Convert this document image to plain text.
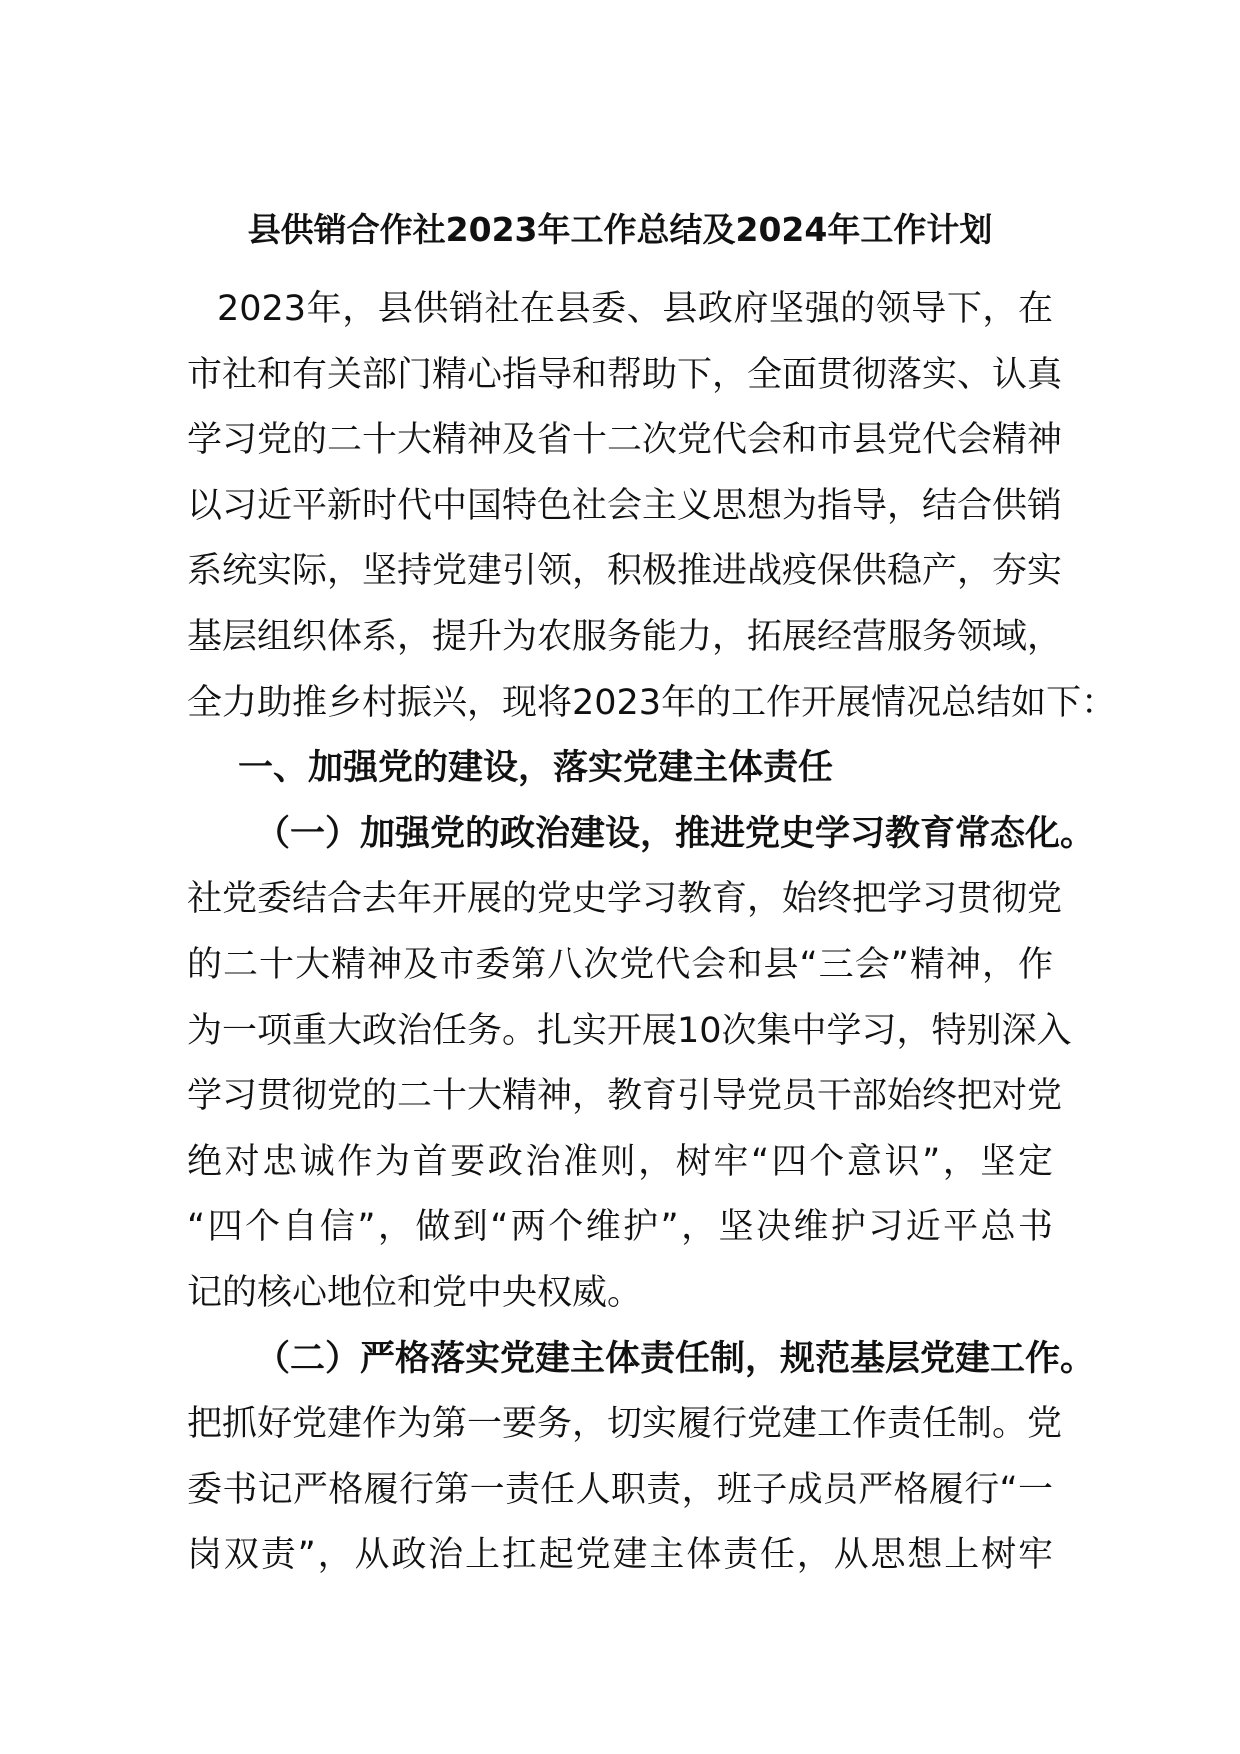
县供销合作社2023年工作总结及2024年工作计划
2023年，县供销社在县委、县政府坚强的领导下，在
市社和有关部门精心指导和帮助下，全面贯彻落实、认真
学习党的二十大精神及省十二次党代会和市县党代会精神
以习近平新时代中国特色社会主义思想为指导，结合供销
系统实际，坚持党建引领，积极推进战疫保供稳产，夯实
基层组织体系，提升为农服务能力，拓展经营服务领域，
全力助推乡村振兴，现将2023年的工作开展情况总结如下：
一、加强党的建设，落实党建主体责任
（一）加强党的政治建设，推进党史学习教育常态化。
社党委结合去年开展的党史学习教育，始终把学习贯彻党
的二十大精神及市委第八次党代会和县“三会”精神，作
为一项重大政治任务。扎实开展10次集中学习，特别深入
学习贯彻党的二十大精神，教育引导党员干部始终把对党
绝对忠诚作为首要政治准则，树牢“四个意识”，坚定
“四个自信”，做到“两个维护”，坚决维护习近平总书
记的核心地位和党中央权威。
（二）严格落实党建主体责任制，规范基层党建工作。
把抓好党建作为第一要务，切实履行党建工作责任制。党
委书记严格履行第一责任人职责，班子成员严格履行“一
岗双责”，从政治上扛起党建主体责任，从思想上树牢
